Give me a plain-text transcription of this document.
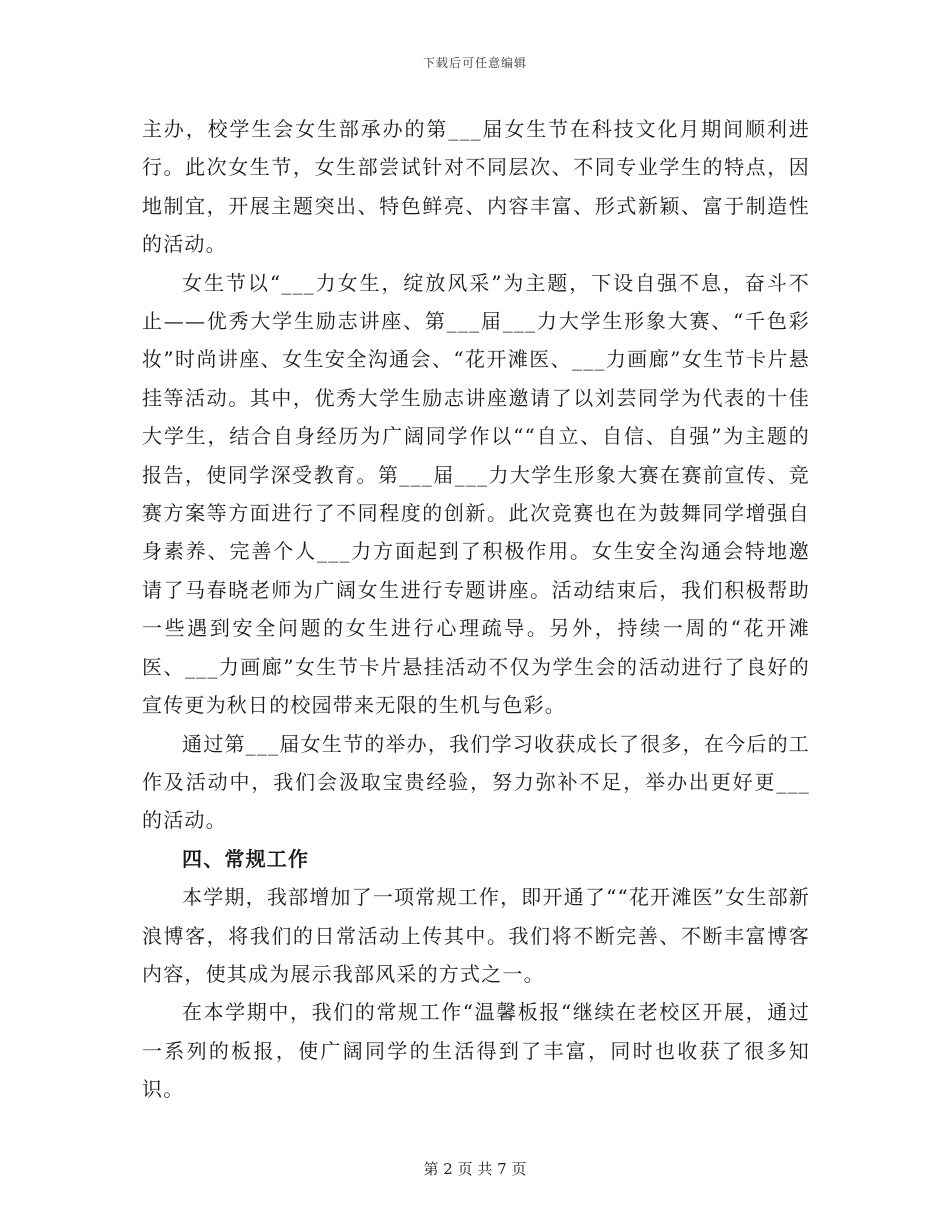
下载后可任意编辑

主办，校学生会女生部承办的第___届女生节在科技文化月期间顺利进行。此次女生节，女生部尝试针对不同层次、不同专业学生的特点，因地制宜，开展主题突出、特色鲜亮、内容丰富、形式新颖、富于制造性的活动。

女生节以“___力女生，绽放风采”为主题，下设自强不息，奋斗不止——优秀大学生励志讲座、第___届___力大学生形象大赛、“千色彩妆”时尚讲座、女生安全沟通会、“花开滩医、___力画廊”女生节卡片悬挂等活动。其中，优秀大学生励志讲座邀请了以刘芸同学为代表的十佳大学生，结合自身经历为广阔同学作以““自立、自信、自强”为主题的报告，使同学深受教育。第___届___力大学生形象大赛在赛前宣传、竞赛方案等方面进行了不同程度的创新。此次竞赛也在为鼓舞同学增强自身素养、完善个人___力方面起到了积极作用。女生安全沟通会特地邀请了马春晓老师为广阔女生进行专题讲座。活动结束后，我们积极帮助一些遇到安全问题的女生进行心理疏导。另外，持续一周的“花开滩医、___力画廊”女生节卡片悬挂活动不仅为学生会的活动进行了良好的宣传更为秋日的校园带来无限的生机与色彩。

通过第___届女生节的举办，我们学习收获成长了很多，在今后的工作及活动中，我们会汲取宝贵经验，努力弥补不足，举办出更好更___的活动。

四、常规工作

本学期，我部增加了一项常规工作，即开通了““花开滩医”女生部新浪博客，将我们的日常活动上传其中。我们将不断完善、不断丰富博客内容，使其成为展示我部风采的方式之一。

在本学期中，我们的常规工作“温馨板报“继续在老校区开展，通过一系列的板报，使广阔同学的生活得到了丰富，同时也收获了很多知识。

第 2 页 共 7 页
